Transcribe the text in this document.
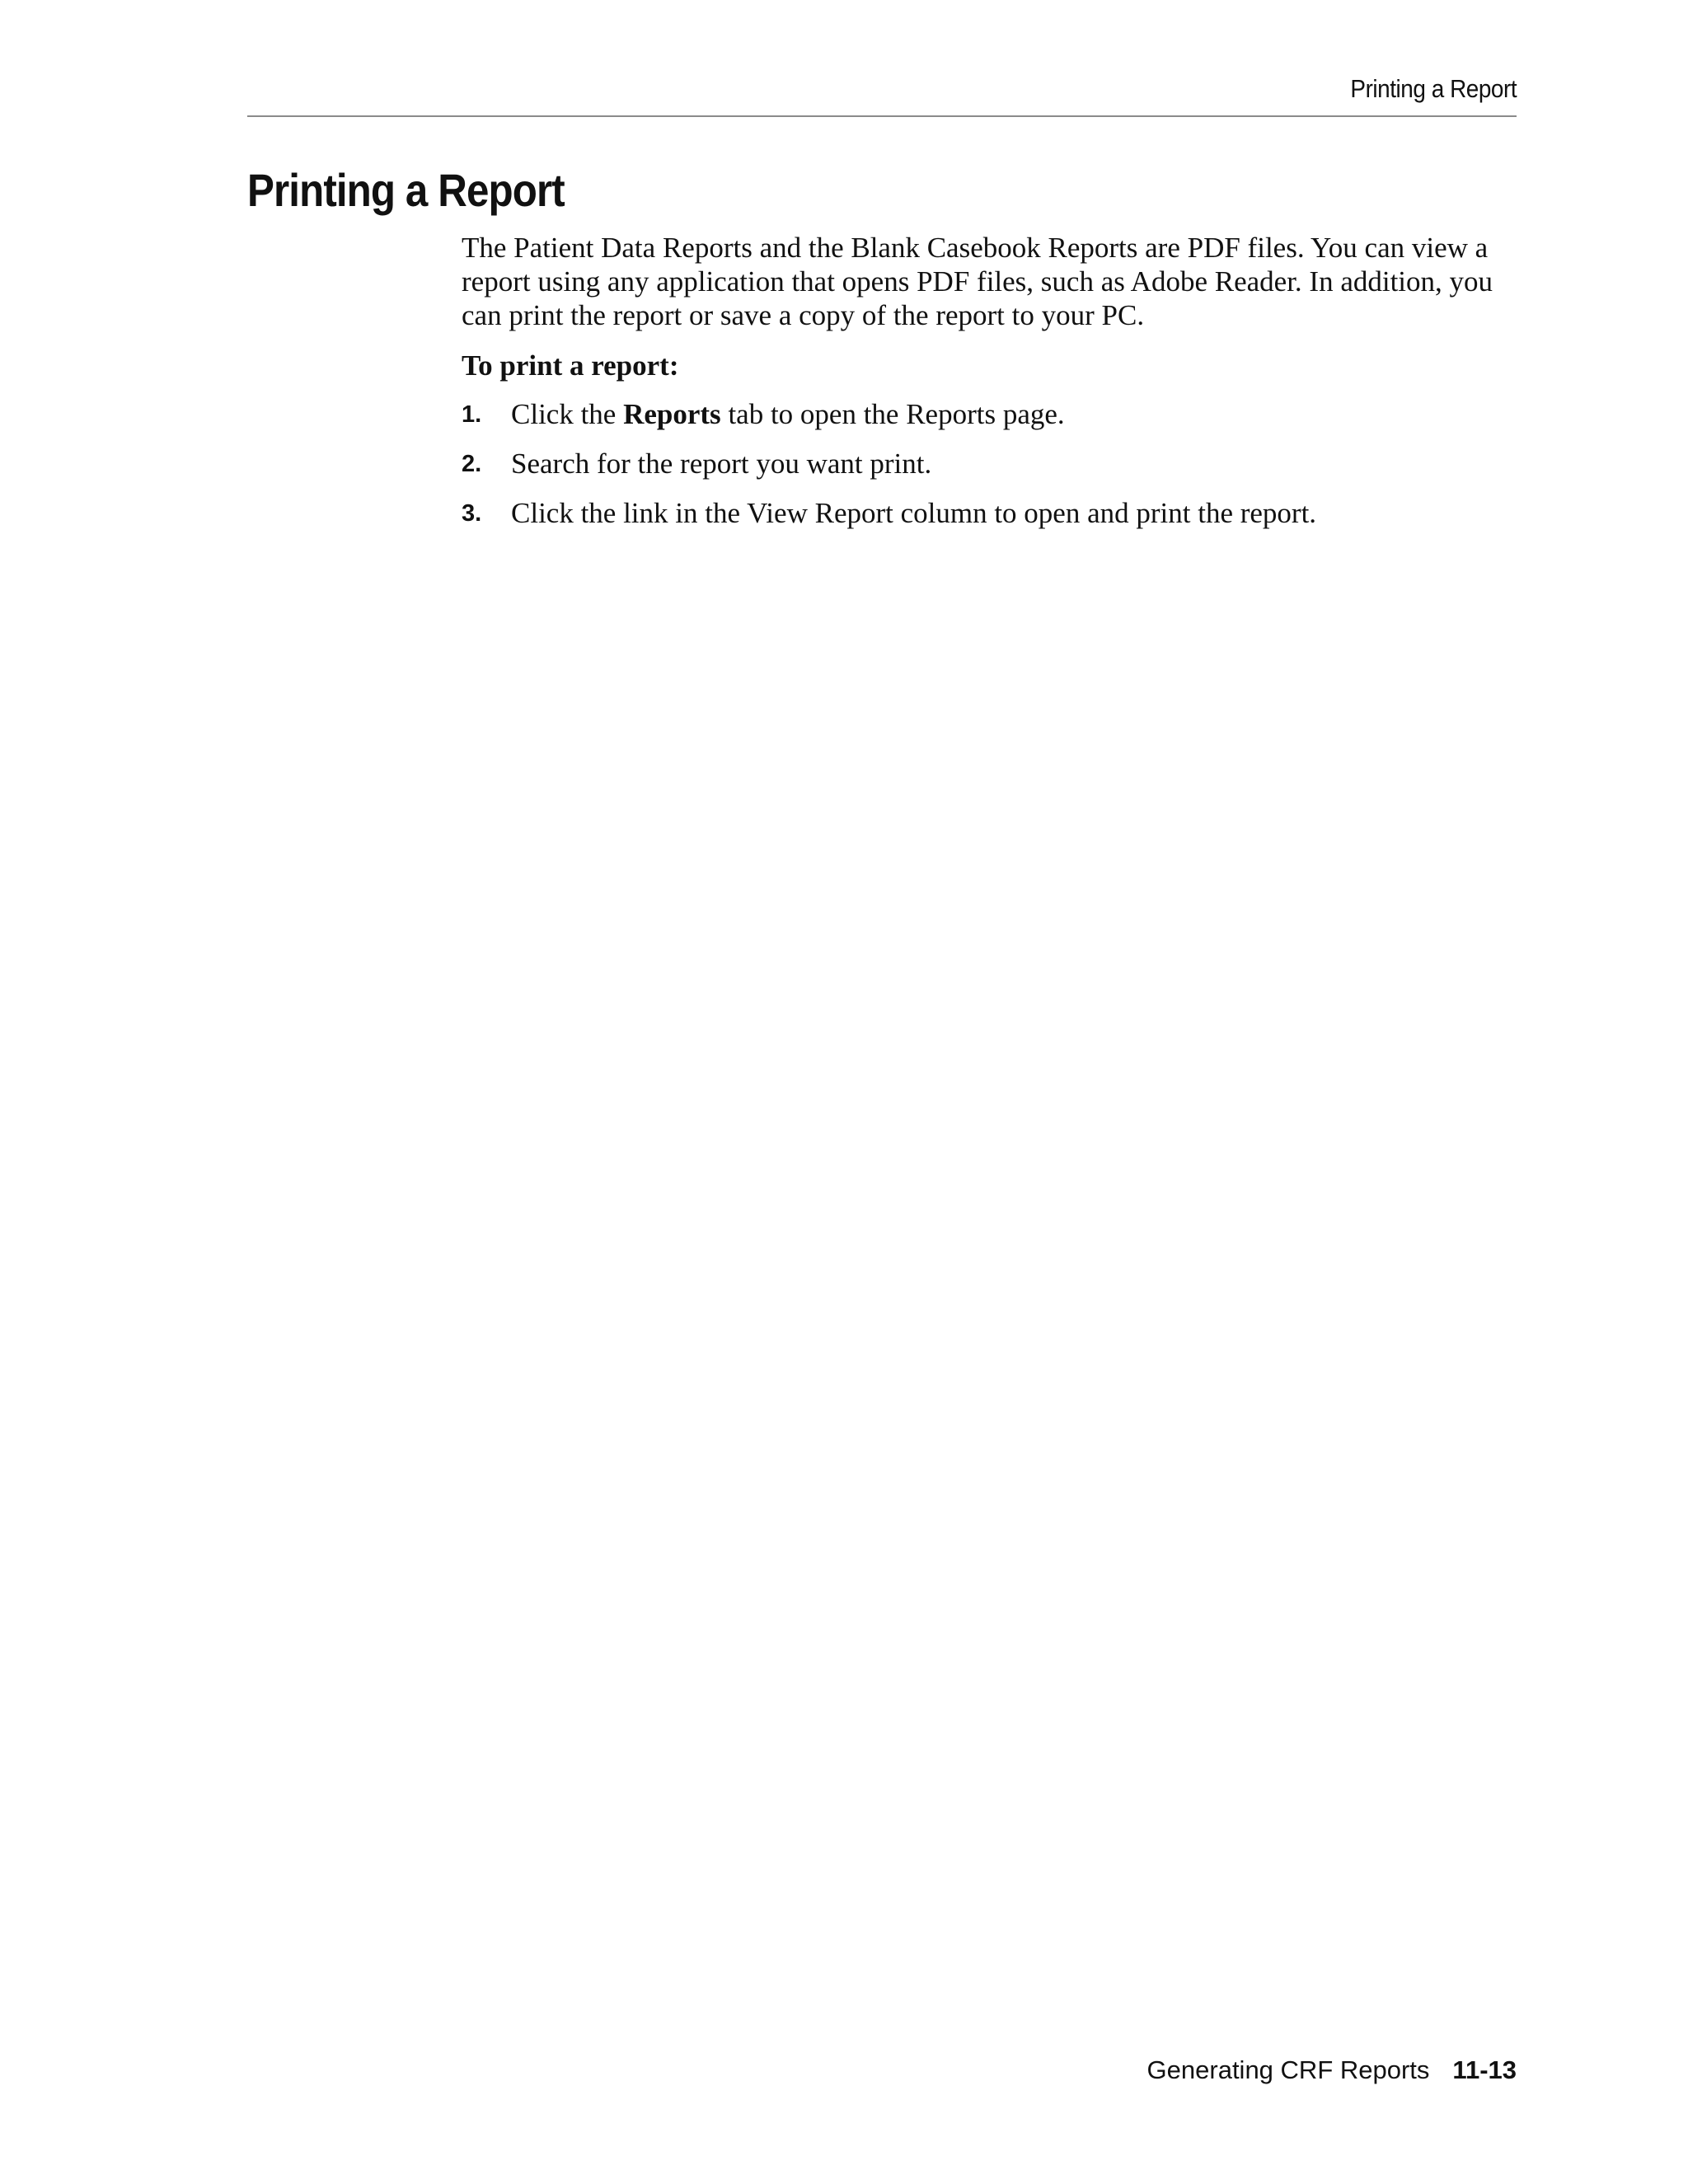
Printing a Report
Printing a Report

The Patient Data Reports and the Blank Casebook Reports are PDF files. You can view a report using any application that opens PDF files, such as Adobe Reader. In addition, you can print the report or save a copy of the report to your PC.

To print a report:

1. Click the Reports tab to open the Reports page.
2. Search for the report you want print.
3. Click the link in the View Report column to open and print the report.
Generating CRF Reports 11-13
